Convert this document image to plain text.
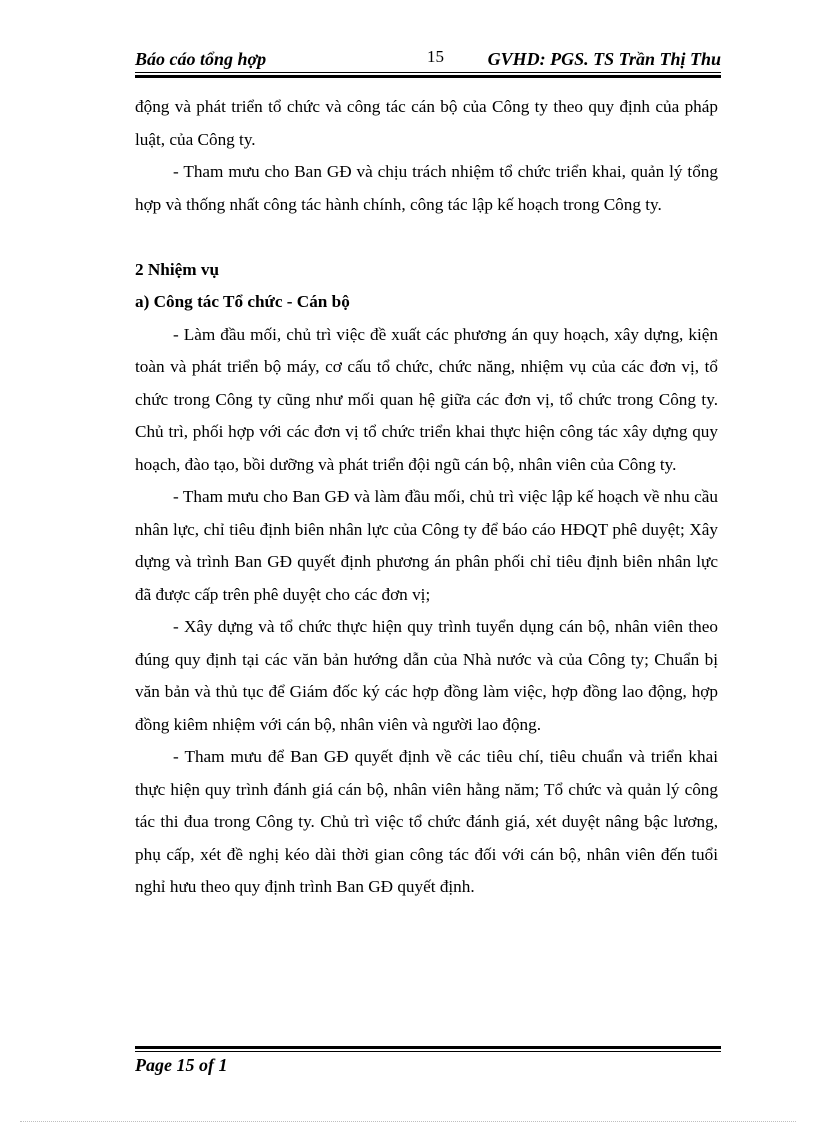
Báo cáo tổng hợp	15 GVHD: PGS. TS Trần Thị Thu

động và phát triển tổ chức và công tác cán bộ của Công ty theo quy định của pháp luật, của Công ty.

- Tham mưu cho Ban GĐ và chịu trách nhiệm tổ chức triển khai, quản lý tổng hợp và thống nhất công tác hành chính, công tác lập kế hoạch trong Công ty.

2 Nhiệm vụ

a) Công tác Tổ chức - Cán bộ

- Làm đầu mối, chủ trì việc đề xuất các phương án quy hoạch, xây dựng, kiện toàn và phát triển bộ máy, cơ cấu tổ chức, chức năng, nhiệm vụ của các đơn vị, tổ chức trong Công ty cũng như mối quan hệ giữa các đơn vị, tổ chức trong Công ty. Chủ trì, phối hợp với các đơn vị tổ chức triển khai thực hiện công tác xây dựng quy hoạch, đào tạo, bồi dưỡng và phát triển đội ngũ cán bộ, nhân viên của Công ty.

- Tham mưu cho Ban GĐ và làm đầu mối, chủ trì việc lập kế hoạch về nhu cầu nhân lực, chỉ tiêu định biên nhân lực của Công ty để báo cáo HĐQT phê duyệt; Xây dựng và trình Ban GĐ quyết định phương án phân phối chỉ tiêu định biên nhân lực đã được cấp trên phê duyệt cho các đơn vị;

- Xây dựng và tổ chức thực hiện quy trình tuyển dụng cán bộ, nhân viên theo đúng quy định tại các văn bản hướng dẫn của Nhà nước và của Công ty; Chuẩn bị văn bản và thủ tục để Giám đốc ký các hợp đồng làm việc, hợp đồng lao động, hợp đồng kiêm nhiệm với cán bộ, nhân viên và người lao động.

- Tham mưu để Ban GĐ quyết định về các tiêu chí, tiêu chuẩn và triển khai thực hiện quy trình đánh giá cán bộ, nhân viên hằng năm; Tổ chức và quản lý công tác thi đua trong Công ty. Chủ trì việc tổ chức đánh giá, xét duyệt nâng bậc lương, phụ cấp, xét đề nghị kéo dài thời gian công tác đối với cán bộ, nhân viên đến tuổi nghỉ hưu theo quy định trình Ban GĐ quyết định.

Page 15 of 1
